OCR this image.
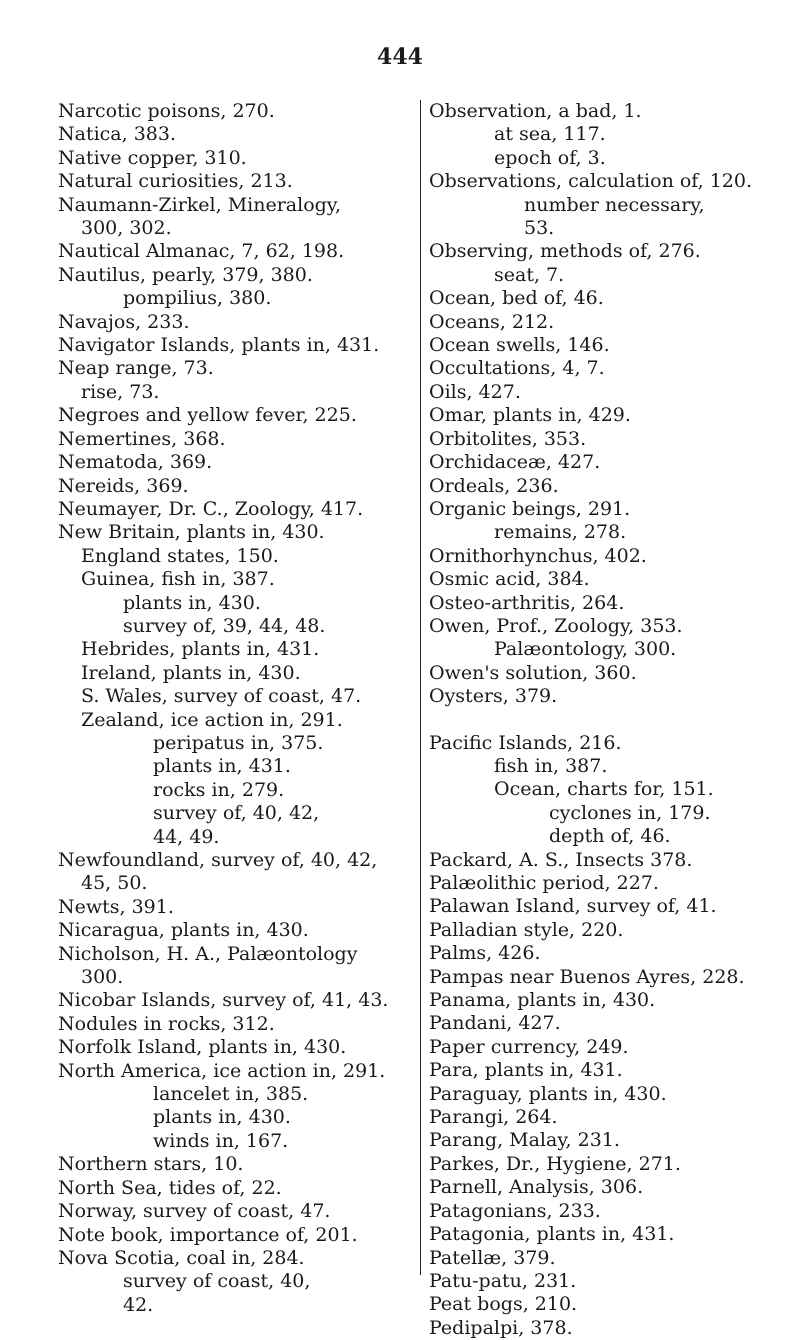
444
Narcotic poisons, 270.
Natica, 383.
Native copper, 310.
Natural curiosities, 213.
Naumann-Zirkel, Mineralogy,
300, 302.
Nautical Almanac, 7, 62, 198.
Nautilus, pearly, 379, 380.
pompilius, 380.
Navajos, 233.
Navigator Islands, plants in, 431.
Neap range, 73.
rise, 73.
Negroes and yellow fever, 225.
Nemertines, 368.
Nematoda, 369.
Nereids, 369.
Neumayer, Dr. C., Zoology, 417.
New Britain, plants in, 430.
England states, 150.
Guinea, fish in, 387.
plants in, 430.
survey of, 39, 44, 48.
Hebrides, plants in, 431.
Ireland, plants in, 430.
S. Wales, survey of coast, 47.
Zealand, ice action in, 291.
peripatus in, 375.
plants in, 431.
rocks in, 279.
survey of, 40, 42,
44, 49.
Newfoundland, survey of, 40, 42,
45, 50.
Newts, 391.
Nicaragua, plants in, 430.
Nicholson, H. A., Palæontology
300.
Nicobar Islands, survey of, 41, 43.
Nodules in rocks, 312.
Norfolk Island, plants in, 430.
North America, ice action in, 291.
lancelet in, 385.
plants in, 430.
winds in, 167.
Northern stars, 10.
North Sea, tides of, 22.
Norway, survey of coast, 47.
Note book, importance of, 201.
Nova Scotia, coal in, 284.
survey of coast, 40,
42.
Observation, a bad, 1.
at sea, 117.
epoch of, 3.
Observations, calculation of, 120.
number necessary,
53.
Observing, methods of, 276.
seat, 7.
Ocean, bed of, 46.
Oceans, 212.
Ocean swells, 146.
Occultations, 4, 7.
Oils, 427.
Omar, plants in, 429.
Orbitolites, 353.
Orchidaceæ, 427.
Ordeals, 236.
Organic beings, 291.
remains, 278.
Ornithorhynchus, 402.
Osmic acid, 384.
Osteo-arthritis, 264.
Owen, Prof., Zoology, 353.
Palæontology, 300.
Owen's solution, 360.
Oysters, 379.
Pacific Islands, 216.
fish in, 387.
Ocean, charts for, 151.
cyclones in, 179.
depth of, 46.
Packard, A. S., Insects 378.
Palæolithic period, 227.
Palawan Island, survey of, 41.
Palladian style, 220.
Palms, 426.
Pampas near Buenos Ayres, 228.
Panama, plants in, 430.
Pandani, 427.
Paper currency, 249.
Para, plants in, 431.
Paraguay, plants in, 430.
Parangi, 264.
Parang, Malay, 231.
Parkes, Dr., Hygiene, 271.
Parnell, Analysis, 306.
Patagonians, 233.
Patagonia, plants in, 431.
Patellæ, 379.
Patu-patu, 231.
Peat bogs, 210.
Pedipalpi, 378.
